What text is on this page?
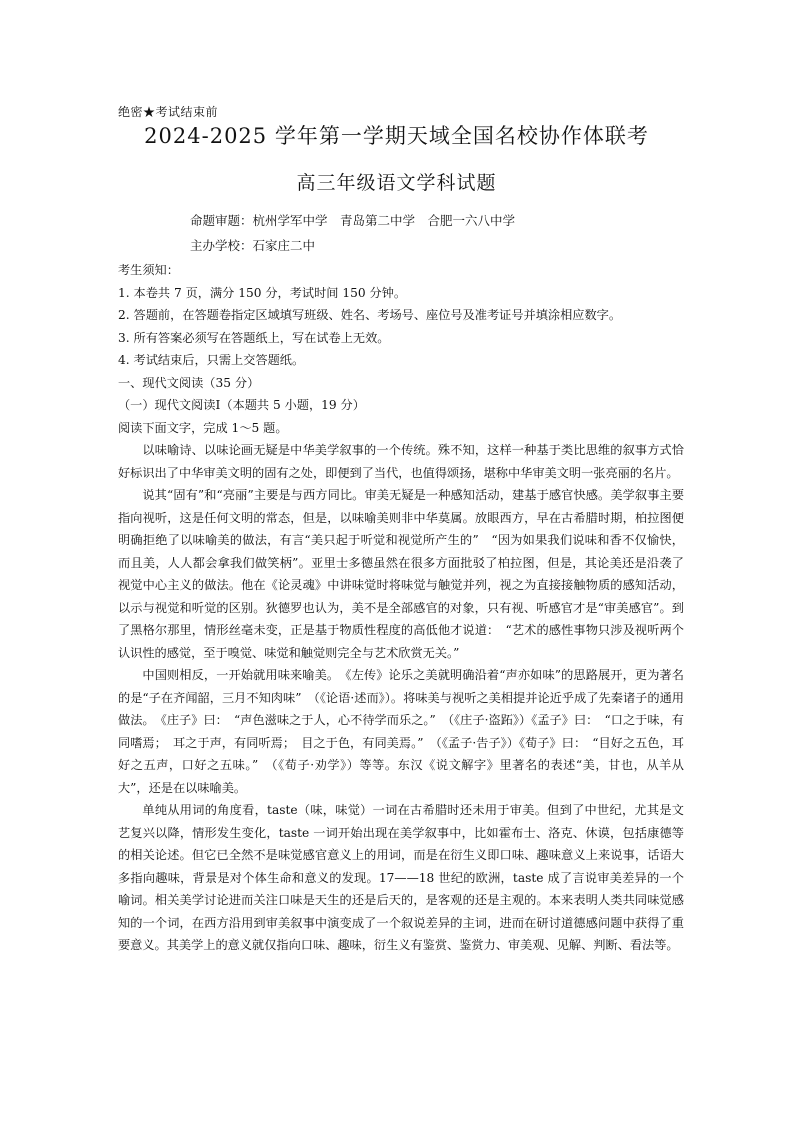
绝密★考试结束前
2024-2025 学年第一学期天域全国名校协作体联考
高三年级语文学科试题
命题审题：杭州学军中学　青岛第二中学　合肥一六八中学
主办学校：石家庄二中
考生须知：
1. 本卷共 7 页，满分 150 分，考试时间 150 分钟。
2. 答题前，在答题卷指定区域填写班级、姓名、考场号、座位号及准考证号并填涂相应数字。
3. 所有答案必须写在答题纸上，写在试卷上无效。
4. 考试结束后，只需上交答题纸。
一、现代文阅读（35 分）
（一）现代文阅读Ⅰ（本题共 5 小题，19 分）
阅读下面文字，完成 1～5 题。

以味喻诗、以味论画无疑是中华美学叙事的一个传统。殊不知，这样一种基于类比思维的叙事方式恰好标识出了中华审美文明的固有之处，即便到了当代，也值得颂扬，堪称中华审美文明一张亮丽的名片。

说其“固有”和“亮丽”主要是与西方同比。审美无疑是一种感知活动，建基于感官快感。美学叙事主要指向视听，这是任何文明的常态，但是，以味喻美则非中华莫属。放眼西方，早在古希腊时期，柏拉图便明确拒绝了以味喻美的做法，有言“美只起于听觉和视觉所产生的”　“因为如果我们说味和香不仅愉快，而且美，人人都会拿我们做笑柄”。亚里士多德虽然在很多方面批驳了柏拉图，但是，其论美还是沿袭了视觉中心主义的做法。他在《论灵魂》中讲味觉时将味觉与触觉并列，视之为直接接触物质的感知活动，以示与视觉和听觉的区别。狄德罗也认为，美不是全部感官的对象，只有视、听感官才是“审美感官”。到了黑格尔那里，情形丝毫未变，正是基于物质性程度的高低他才说道：　“艺术的感性事物只涉及视听两个认识性的感觉，至于嗅觉、味觉和触觉则完全与艺术欣赏无关。”

中国则相反，一开始就用味来喻美。　《左传》论乐之美就明确沿着“声亦如味”的思路展开，更为著名的是“子在齐闻韶，三月不知肉味”　（《论语·述而》）。将味美与视听之美相提并论近乎成了先秦诸子的通用做法。　《庄子》曰：　“声色滋味之于人，心不待学而乐之。”　（《庄子·盗跖》）《孟子》曰：　“口之于味，有同嗜焉；　耳之于声，有同听焉；　目之于色，有同美焉。”　（《孟子·告子》）《荀子》曰：　“目好之五色，耳好之五声，口好之五味。”　（《荀子·劝学》）等等。东汉《说文解字》里著名的表述“美，甘也，从羊从大”，还是在以味喻美。

单纯从用词的角度看，taste（味，味觉）一词在古希腊时还未用于审美。但到了中世纪，尤其是文艺复兴以降，情形发生变化，taste 一词开始出现在美学叙事中，比如霍布士、洛克、休谟，包括康德等的相关论述。但它已全然不是味觉感官意义上的用词，而是在衍生义即口味、趣味意义上来说事，话语大多指向趣味，背景是对个体生命和意义的发现。17——18 世纪的欧洲，taste 成了言说审美差异的一个喻词。相关美学讨论进而关注口味是天生的还是后天的，是客观的还是主观的。本来表明人类共同味觉感知的一个词，在西方沿用到审美叙事中演变成了一个叙说差异的主词，进而在研讨道德感问题中获得了重要意义。其美学上的意义就仅指向口味、趣味，衍生义有鉴赏、鉴赏力、审美观、见解、判断、看法等。
